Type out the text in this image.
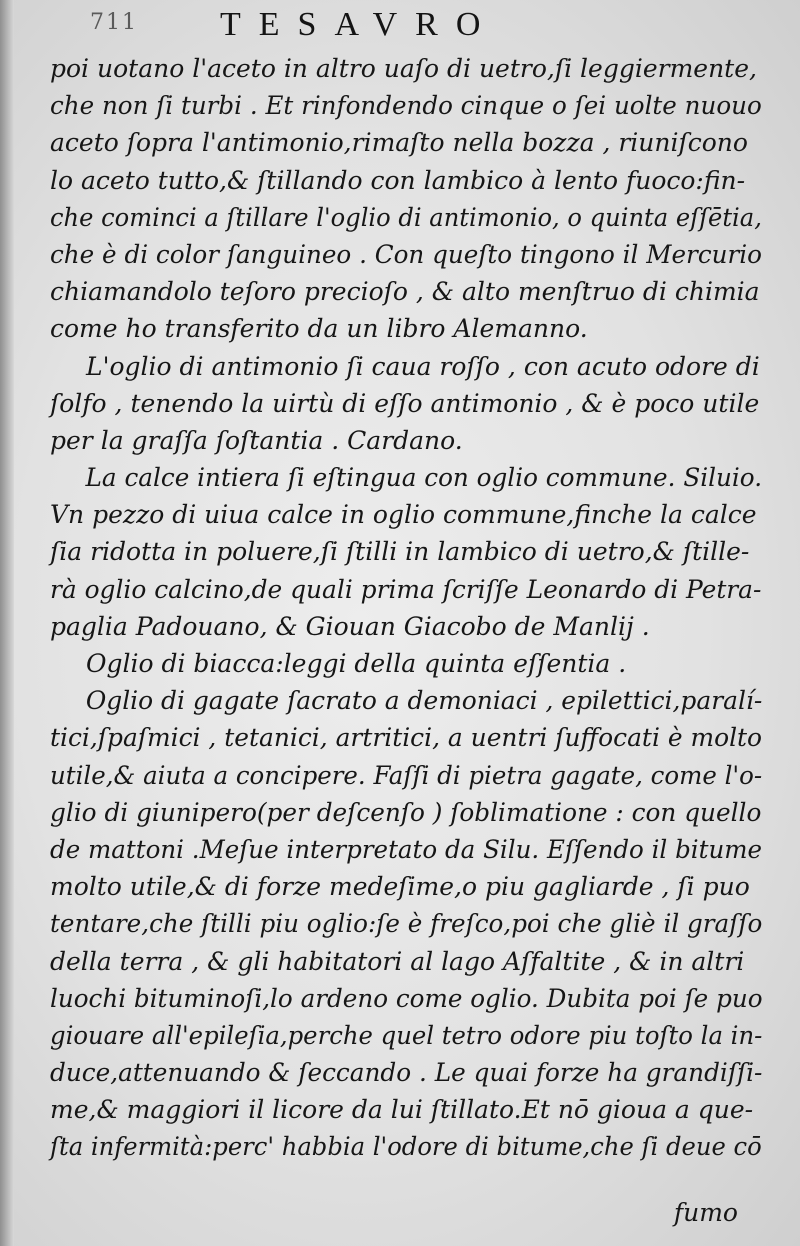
711 TESAVRO
poi uotano l'aceto in altro uaſo di uetro,ſi leggiermente,
che non ſi turbi . Et rinfondendo cinque o ſei uolte nuouo
aceto ſopra l'antimonio,rimaſto nella bozza , riuniſcono
lo aceto tutto,& ſtillando con lambico à lento fuoco:fin-
che cominci a ſtillare l'oglio di antimonio, o quinta eſſētia,
che è di color ſanguineo . Con queſto tingono il Mercurio
chiamandolo teſoro precioſo , & alto menſtruo di chimia
come ho transferito da un libro Alemanno.
L'oglio di antimonio ſi caua roſſo , con acuto odore di
ſolfo , tenendo la uirtù di eſſo antimonio , & è poco utile
per la graſſa ſoſtantia . Cardano.
La calce intiera ſi eſtingua con oglio commune. Siluio.
Vn pezzo di uiua calce in oglio commune,finche la calce
ſia ridotta in poluere,ſi ſtilli in lambico di uetro,& ſtille-
rà oglio calcino,de quali prima ſcriſſe Leonardo di Petra-
paglia Padouano, & Giouan Giacobo de Manlij .
Oglio di biacca:leggi della quinta eſſentia .
Oglio di gagate ſacrato a demoniaci , epilettici,paralí-
tici,ſpaſmici , tetanici, artritici, a uentri ſuffocati è molto
utile,& aiuta a concipere. Faſſi di pietra gagate, come l'o-
glio di giunipero(per deſcenſo ) ſoblimatione : con quello
de mattoni .Meſue interpretato da Silu. Eſſendo il bitume
molto utile,& di forze medeſime,o piu gagliarde , ſi puo
tentare,che ſtilli piu oglio:ſe è freſco,poi che gliè il graſſo
della terra , & gli habitatori al lago Aſfaltite , & in altri
luochi bituminoſi,lo ardeno come oglio. Dubita poi ſe puo
giouare all'epileſia,perche quel tetro odore piu toſto la in-
duce,attenuando & ſeccando . Le quai forze ha grandiſſi-
me,& maggiori il licore da lui ſtillato.Et nō gioua a que-
ſta infermità:perc' habbia l'odore di bitume,che ſi deue cō
fumo
